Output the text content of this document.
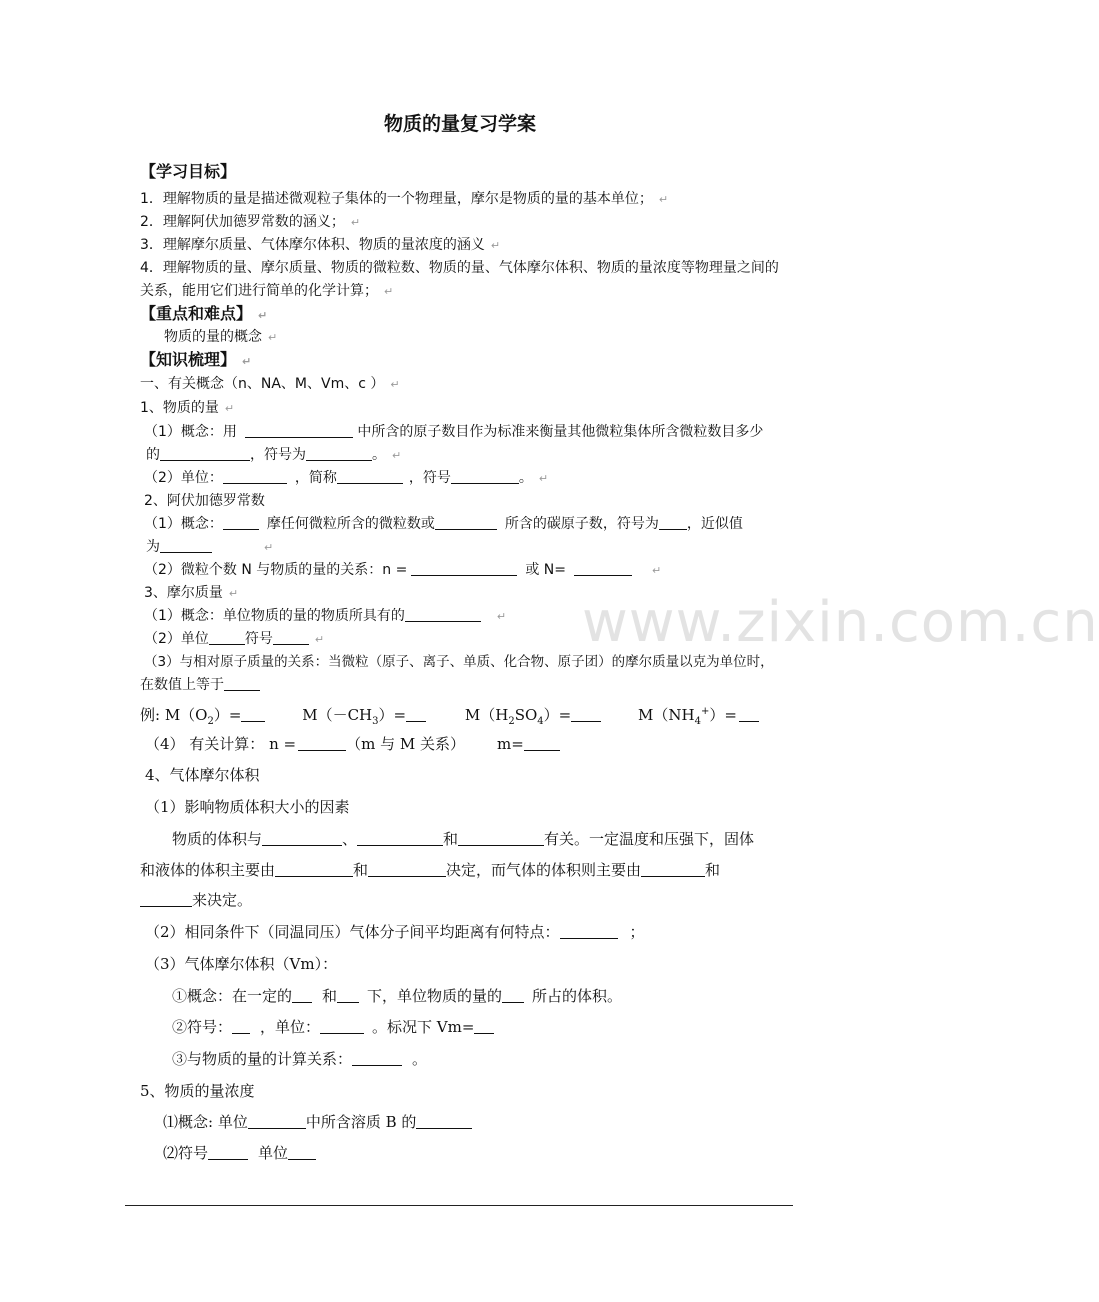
物质的量复习学案
【学习目标】
1．理解物质的量是描述微观粒子集体的一个物理量，摩尔是物质的量的基本单位； ↵
2．理解阿伏加德罗常数的涵义； ↵
3．理解摩尔质量、气体摩尔体积、物质的量浓度的涵义 ↵
4．理解物质的量、摩尔质量、物质的微粒数、物质的量、气体摩尔体积、物质的量浓度等物理量之间的
关系，能用它们进行简单的化学计算； ↵
【重点和难点】 ↵
物质的量的概念 ↵
【知识梳理】 ↵
一、有关概念（n、NA、M、Vm、c ） ↵
1、物质的量 ↵
（1）概念：用	中所含的原子数目作为标准来衡量其他微粒集体所含微粒数目多少
的	，符号为	。 ↵
（2）单位：	，简称	，符号	。 ↵
2、阿伏加德罗常数
（1）概念：	摩任何微粒所含的微粒数或	所含的碳原子数，符号为 ，近似值
为	↵
（2）微粒个数 N 与物质的量的关系：n =	或 N=	↵
3、摩尔质量 ↵
（1）概念：单位物质的量的物质所具有的	↵
（2）单位	符号	↵
（3）与相对原子质量的关系：当微粒（原子、离子、单质、化合物、原子团）的摩尔质量以克为单位时，
在数值上等于
例: $M(O_2)=$	$M(-CH_3)=$	$M(H_2SO_4)=$	$M(NH_4^+)=$
（4） 有关计算： n =	（m 与 M 关系） m=
4、气体摩尔体积
（1）影响物质体积大小的因素
物质的体积与	、	和	有关。一定温度和压强下，固体
和液体的体积主要由	和	决定，而气体的体积则主要由	和
来决定。
（2）相同条件下（同温同压）气体分子间平均距离有何特点：	；
（3）气体摩尔体积（Vm）：
①概念：在一定的 和 下，单位物质的量的 所占的体积。
②符号： ，单位：	。标况下 Vm=
③与物质的量的计算关系：	。
5、物质的量浓度
⑴概念: 单位	中所含溶质 B 的
⑵符号	单位
www.zixin.com.cn
